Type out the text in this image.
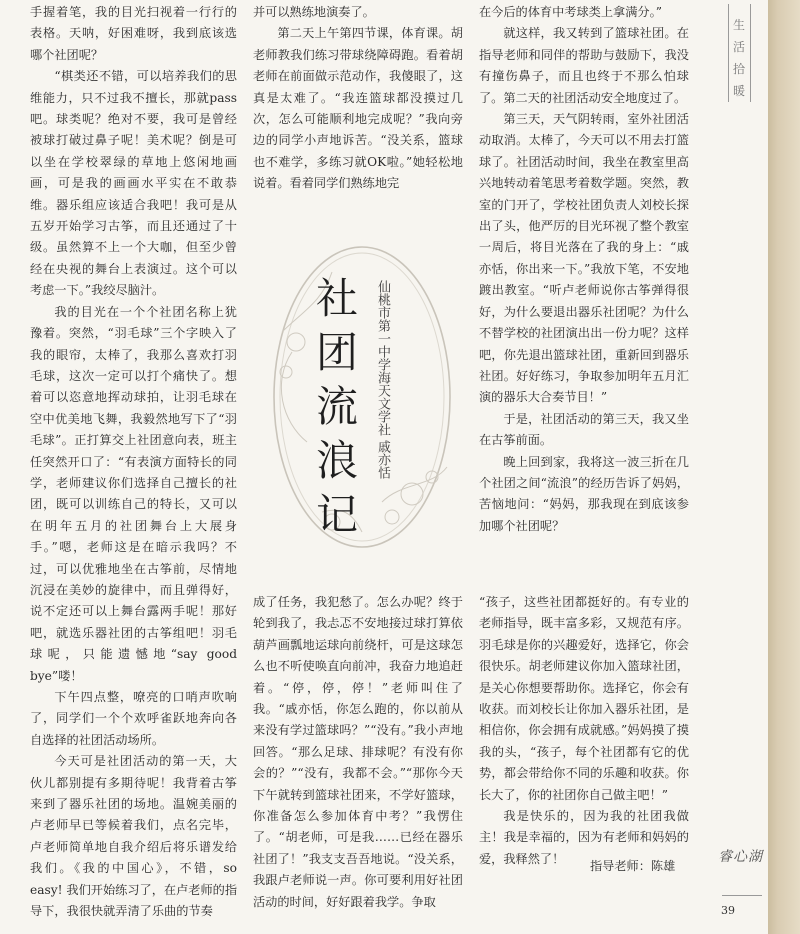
手握着笔，我的目光扫视着一行行的表格。天呐，好困难呀，我到底该选哪个社团呢？

“棋类还不错，可以培养我们的思维能力，只不过我不擅长，那就pass吧。球类呢？绝对不要，我可是曾经被球打破过鼻子呢！美术呢？倒是可以坐在学校翠绿的草地上悠闲地画画，可是我的画画水平实在不敢恭维。器乐组应该适合我吧！我可是从五岁开始学习古筝，而且还通过了十级。虽然算不上一个大咖，但至少曾经在央视的舞台上表演过。这个可以考虑一下。”我绞尽脑汁。

我的目光在一个个社团名称上犹豫着。突然，“羽毛球”三个字映入了我的眼帘，太棒了，我那么喜欢打羽毛球，这次一定可以打个痛快了。想着可以恣意地挥动球拍，让羽毛球在空中优美地飞舞，我毅然地写下了“羽毛球”。正打算交上社团意向表，班主任突然开口了：“有表演方面特长的同学，老师建议你们选择自己擅长的社团，既可以训练自己的特长，又可以在明年五月的社团舞台上大展身手。”嗯，老师这是在暗示我吗？不过，可以优雅地坐在古筝前，尽情地沉浸在美妙的旋律中，而且弹得好，说不定还可以上舞台露两手呢！那好吧，就选乐器社团的古筝组吧！羽毛球呢，只能遗憾地“say good bye”喽！

下午四点整，嘹亮的口哨声吹响了，同学们一个个欢呼雀跃地奔向各自选择的社团活动场所。

今天可是社团活动的第一天，大伙儿都别提有多期待呢！我背着古筝来到了器乐社团的场地。温婉美丽的卢老师早已等候着我们，点名完毕，卢老师简单地自我介绍后将乐谱发给我们。《我的中国心》，不错，so easy! 我们开始练习了，在卢老师的指导下，我很快就弄清了乐曲的节奏

并可以熟练地演奏了。

第二天上午第四节课，体育课。胡老师教我们练习带球绕障碍跑。看着胡老师在前面做示范动作，我傻眼了，这真是太难了。“我连篮球都没摸过几次，怎么可能顺利地完成呢？”我向旁边的同学小声地诉苦。“没关系，篮球也不难学，多练习就OK啦。”她轻松地说着。看着同学们熟练地完

成了任务，我犯愁了。怎么办呢？终于轮到我了，我忐忑不安地接过球打算依葫芦画瓢地运球向前绕杆，可是这球怎么也不听使唤直向前冲，我奋力地追赶着。“停，停，停！”老师叫住了我。“戚亦恬，你怎么跑的，你以前从来没有学过篮球吗？”“没有。”我小声地回答。“那么足球、排球呢？有没有你会的？”“没有，我都不会。”“那你今天下午就转到篮球社团来，不学好篮球，你准备怎么参加体育中考？”我愣住了。“胡老师，可是我……已经在器乐社团了！”我支支吾吾地说。“没关系，我跟卢老师说一声。你可要利用好社团活动的时间，好好跟着我学。争取

在今后的体育中考球类上拿满分。”

就这样，我又转到了篮球社团。在指导老师和同伴的帮助与鼓励下，我没有撞伤鼻子，而且也终于不那么怕球了。第二天的社团活动安全地度过了。

第三天，天气阴转雨，室外社团活动取消。太棒了，今天可以不用去打篮球了。社团活动时间，我坐在教室里高兴地转动着笔思考着数学题。突然，教室的门开了，学校社团负责人刘校长探出了头，他严厉的目光环视了整个教室一周后，将目光落在了我的身上：“戚亦恬，你出来一下。”我放下笔，不安地踱出教室。“听卢老师说你古筝弹得很好，为什么要退出器乐社团呢？为什么不替学校的社团演出出一份力呢？这样吧，你先退出篮球社团，重新回到器乐社团。好好练习，争取参加明年五月汇演的器乐大合奏节目！”

于是，社团活动的第三天，我又坐在古筝前面。

晚上回到家，我将这一波三折在几个社团之间“流浪”的经历告诉了妈妈，苦恼地问：“妈妈，那我现在到底该参加哪个社团呢？

“孩子，这些社团都挺好的。有专业的老师指导，既丰富多彩，又规范有序。羽毛球是你的兴趣爱好，选择它，你会很快乐。胡老师建议你加入篮球社团，是关心你想要帮助你。选择它，你会有收获。而刘校长让你加入器乐社团，是相信你，你会拥有成就感。”妈妈摸了摸我的头，“孩子，每个社团都有它的优势，都会带给你不同的乐趣和收获。你长大了，你的社团你自己做主吧！”

我是快乐的，因为我的社团我做主！我是幸福的，因为有老师和妈妈的爱，我释然了！

社
团
流
浪
记
仙桃市第一中学海天文学社 戚亦恬
生
活
拾
暖
指导老师：陈雄
睿心湖
39
